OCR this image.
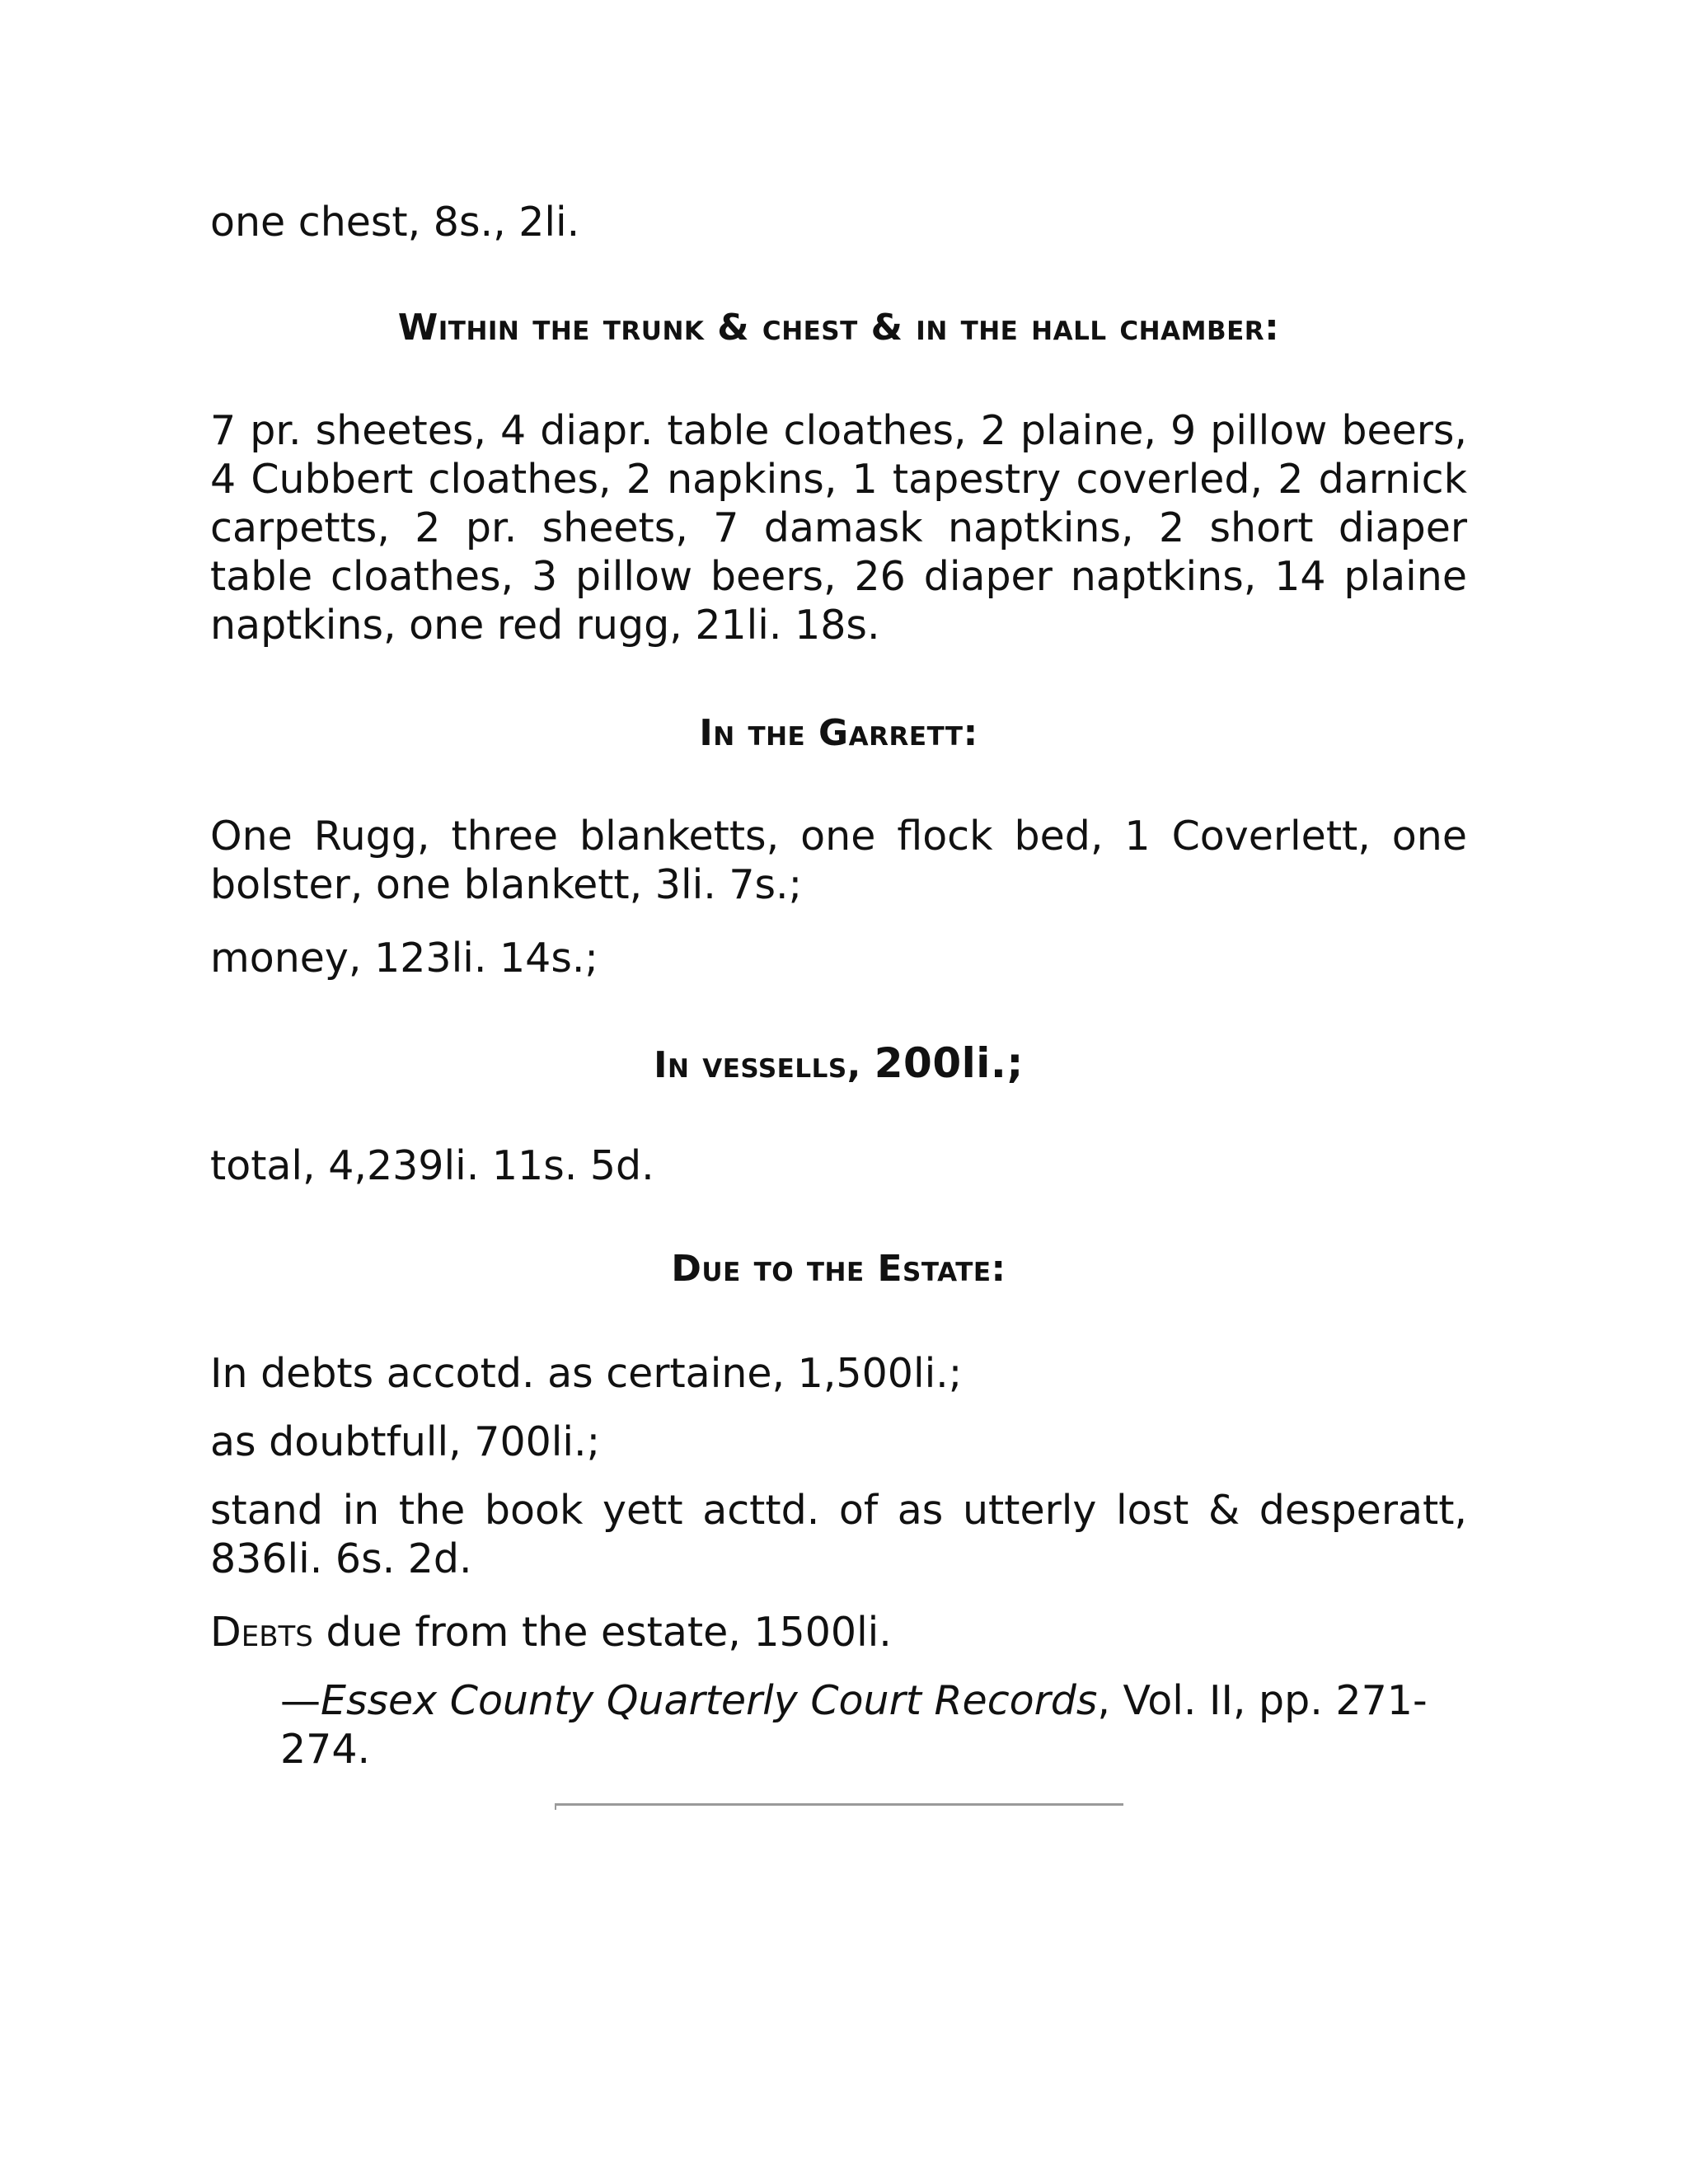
one chest, 8s., 2li.

Within the trunk & chest & in the hall chamber:

7 pr. sheetes, 4 diapr. table cloathes, 2 plaine, 9 pillow beers, 4 Cubbert cloathes, 2 napkins, 1 tapestry coverled, 2 darnick carpetts, 2 pr. sheets, 7 damask naptkins, 2 short diaper table cloathes, 3 pillow beers, 26 diaper naptkins, 14 plaine naptkins, one red rugg, 21li. 18s.

In the Garrett:

One Rugg, three blanketts, one flock bed, 1 Coverlett, one bolster, one blankett, 3li. 7s.;

money, 123li. 14s.;

In vessells, 200li.;

total, 4,239li. 11s. 5d.

Due to the Estate:

In debts accotd. as certaine, 1,500li.;

as doubtfull, 700li.;

stand in the book yett acttd. of as utterly lost & desperatt, 836li. 6s. 2d.

Debts due from the estate, 1500li.

—Essex County Quarterly Court Records, Vol. II, pp. 271-274.
